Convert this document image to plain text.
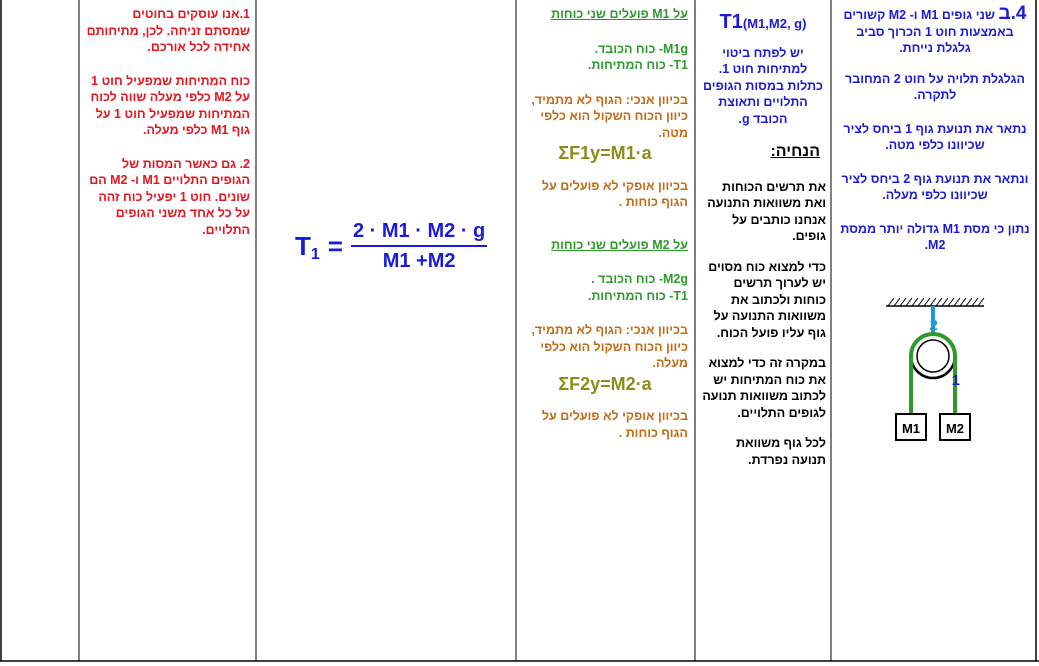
4.ב שני גופים M1 ו- M2 קשורים באמצעות חוט 1 הכרוך סביב גלגלת נייחת.
הגלגלת תלויה על חוט 2 המחובר לתקרה.
נתאר את תנועת גוף 1 ביחס לציר שכיוונו כלפי מטה.
ונתאר את תנועת גוף 2 ביחס לציר שכיוונו כלפי מעלה.
נתון כי מסת M1 גדולה יותר ממסת M2.
2
1
M1 M2
T1(M1,M2, g)
יש לפתח ביטוי למתיחות חוט 1. כתלות במסות הגופים התלויים ותאוצת הכובד g.
הנחיה:
את תרשים הכוחות ואת משוואות התנועה אנחנו כותבים על גופים.
כדי למצוא כוח מסוים יש לערוך תרשים כוחות ולכתוב את משוואות התנועה על גוף עליו פועל הכוח.
במקרה זה כדי למצוא את כוח המתיחות יש לכתוב משוואות תנועה לגופים התלויים.
לכל גוף משוואת תנועה נפרדת.
על M1 פועלים שני כוחות
M1g- כוח הכובד.
T1- כוח המתיחות.
בכיוון אנכי: הגוף לא מתמיד, כיוון הכוח השקול הוא כלפי מטה.
ΣF1y=M1·a
בכיוון אופקי לא פועלים על הגוף כוחות .
על M2 פועלים שני כוחות
M2g- כוח הכובד .
T1- כוח המתיחות.
בכיוון אנכי: הגוף לא מתמיד, כיוון הכוח השקול הוא כלפי מעלה.
ΣF2y=M2·a
בכיוון אופקי לא פועלים על הגוף כוחות .
T $1 = \frac{2 \cdot M1 \cdot M2 \cdot g}{M1 +M2}$
1.אנו עוסקים בחוטים שמסתם זניחה. לכן, מתיחותם אחידה לכל אורכם.
כוח המתיחות שמפעיל חוט 1 על M2 כלפי מעלה שווה לכוח המתיחות שמפעיל חוט 1 על גוף M1 כלפי מעלה.
2. גם כאשר המסות של הגופים התלויים M1 ו- M2 הם שונים. חוט 1 יפעיל כוח זהה על כל אחד משני הגופים התלויים.
